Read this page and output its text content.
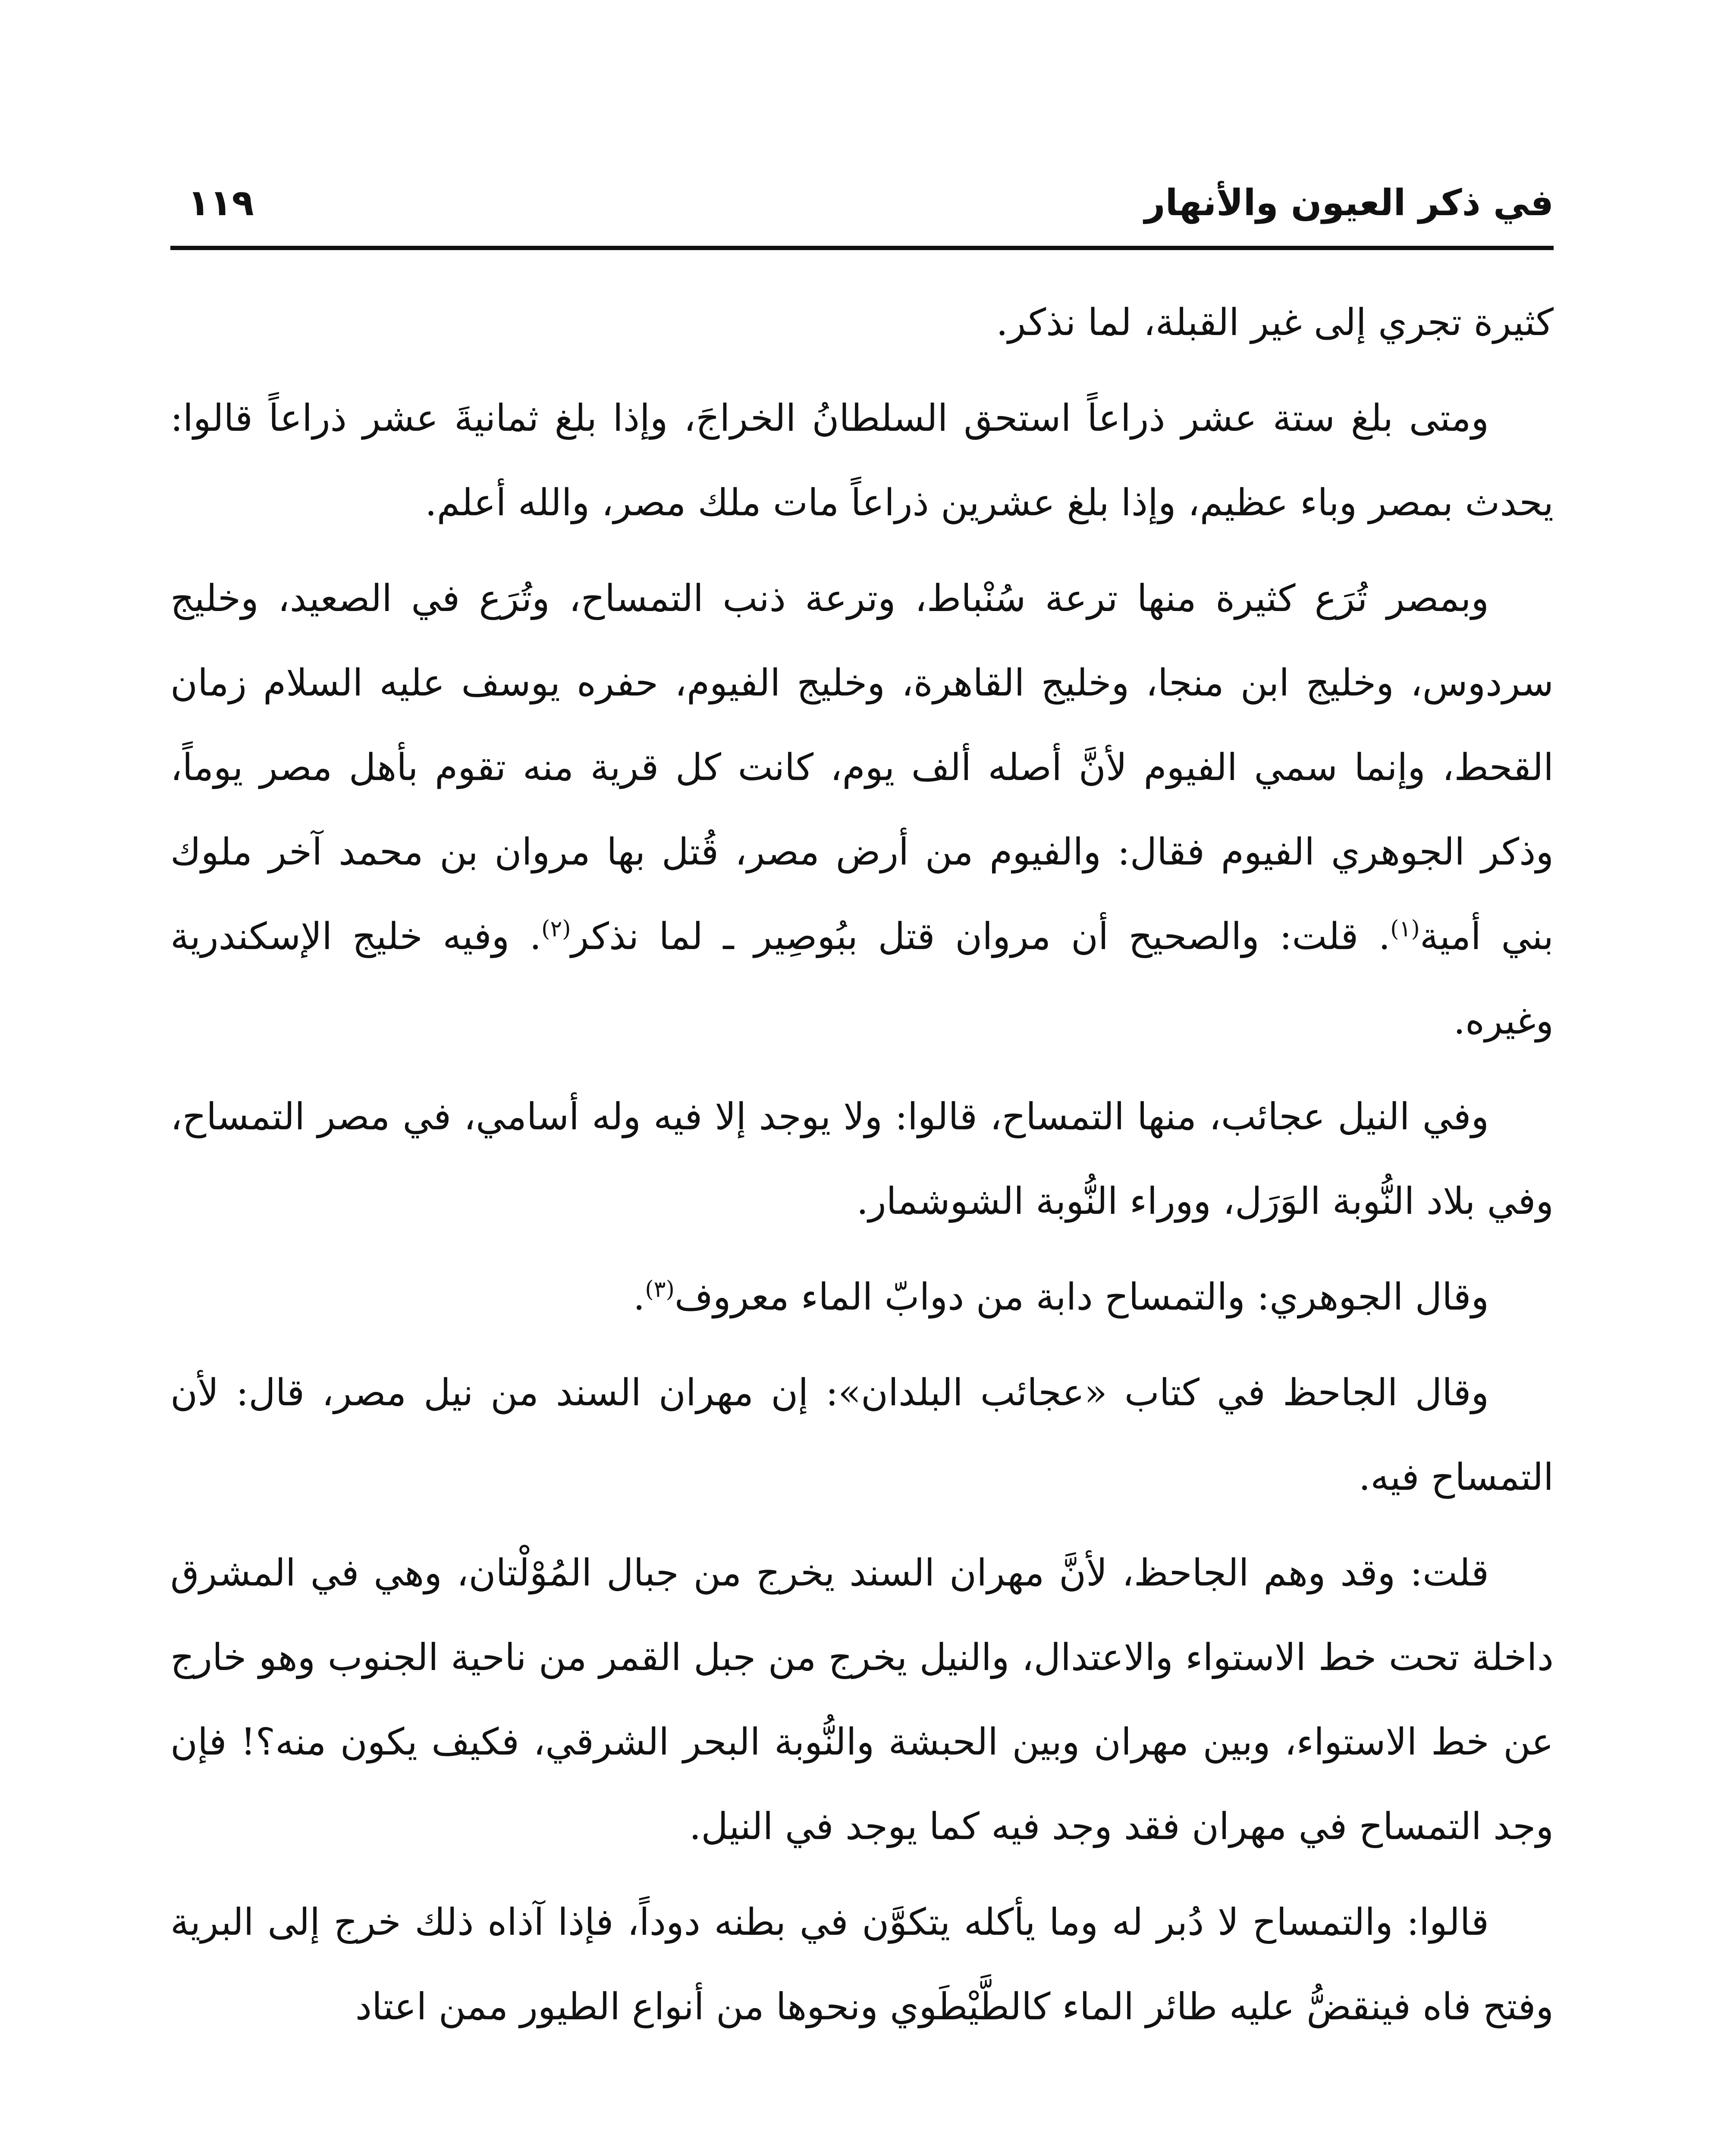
في ذكر العيون والأنهار
١١٩

كثيرة تجري إلى غير القبلة، لما نذكر.

ومتى بلغ ستة عشر ذراعاً استحق السلطانُ الخراجَ، وإذا بلغ ثمانيةَ عشر ذراعاً قالوا: يحدث بمصر وباء عظيم، وإذا بلغ عشرين ذراعاً مات ملك مصر، والله أعلم.

وبمصر تُرَع كثيرة منها ترعة سُنْباط، وترعة ذنب التمساح، وتُرَع في الصعيد، وخليج سردوس، وخليج ابن منجا، وخليج القاهرة، وخليج الفيوم، حفره يوسف عليه السلام زمان القحط، وإنما سمي الفيوم لأنَّ أصله ألف يوم، كانت كل قرية منه تقوم بأهل مصر يوماً، وذكر الجوهري الفيوم فقال: والفيوم من أرض مصر، قُتل بها مروان بن محمد آخر ملوك بني أمية$^{(١)}$. قلت: والصحيح أن مروان قتل ببُوصِير ـ لما نذكر$^{(٢)}$. وفيه خليج الإسكندرية وغيره.

وفي النيل عجائب، منها التمساح، قالوا: ولا يوجد إلا فيه وله أسامي، في مصر التمساح، وفي بلاد النُّوبة الوَرَل، ووراء النُّوبة الشوشمار.

وقال الجوهري: والتمساح دابة من دوابّ الماء معروف$^{(٣)}$.

وقال الجاحظ في كتاب «عجائب البلدان»: إن مهران السند من نيل مصر، قال: لأن التمساح فيه.

قلت: وقد وهم الجاحظ، لأنَّ مهران السند يخرج من جبال المُوْلْتان، وهي في المشرق داخلة تحت خط الاستواء والاعتدال، والنيل يخرج من جبل القمر من ناحية الجنوب وهو خارج عن خط الاستواء، وبين مهران وبين الحبشة والنُّوبة البحر الشرقي، فكيف يكون منه؟! فإن وجد التمساح في مهران فقد وجد فيه كما يوجد في النيل.

قالوا: والتمساح لا دُبر له وما يأكله يتكوَّن في بطنه دوداً، فإذا آذاه ذلك خرج إلى البرية وفتح فاه فينقضُّ عليه طائر الماء كالطَّيْطَوي ونحوها من أنواع الطيور ممن اعتاد
